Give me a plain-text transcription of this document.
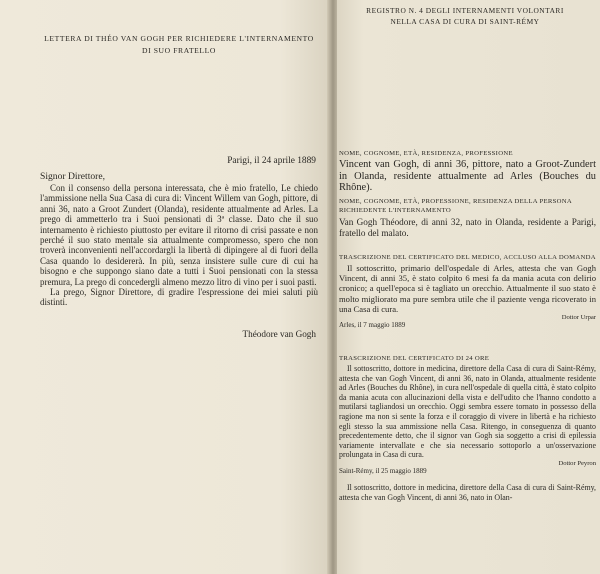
LETTERA DI THÉO VAN GOGH PER RICHIEDERE L'INTERNAMENTO
DI SUO FRATELLO
Parigi, il 24 aprile 1889
Signor Direttore,

Con il consenso della persona interessata, che è mio fratello, Le chiedo l'ammissione nella Sua Casa di cura di: Vincent Willem van Gogh, pittore, di anni 36, nato a Groot Zundert (Olanda), residente attualmente ad Arles. La prego di ammetterlo tra i Suoi pensionati di 3ª classe. Dato che il suo internamento è richiesto piuttosto per evitare il ritorno di crisi passate e non perché il suo stato mentale sia attualmente compromesso, spero che non troverà inconvenienti nell'accordargli la libertà di dipingere al di fuori della Casa quando lo desidererà. In più, senza insistere sulle cure di cui ha bisogno e che suppongo siano date a tutti i Suoi pensionati con la stessa premura, La prego di concedergli almeno mezzo litro di vino per i suoi pasti.

La prego, Signor Direttore, di gradire l'espressione dei miei saluti più distinti.

Théodore van Gogh
REGISTRO N. 4 DEGLI INTERNAMENTI VOLONTARI
NELLA CASA DI CURA DI SAINT-RÉMY
NOME, COGNOME, ETÀ, RESIDENZA, PROFESSIONE
Vincent van Gogh, di anni 36, pittore, nato a Groot-Zundert in Olanda, residente attualmente ad Arles (Bouches du Rhône).
NOME, COGNOME, ETÀ, PROFESSIONE, RESIDENZA DELLA PERSONA RICHIEDENTE L'INTERNAMENTO
Van Gogh Théodore, di anni 32, nato in Olanda, residente a Parigi, fratello del malato.
TRASCRIZIONE DEL CERTIFICATO DEL MEDICO, ACCLUSO ALLA DOMANDA

Il sottoscritto, primario dell'ospedale di Arles, attesta che van Gogh Vincent, di anni 35, è stato colpito 6 mesi fa da mania acuta con delirio cronico; a quell'epoca si è tagliato un orecchio. Attualmente il suo stato è molto migliorato ma pure sembra utile che il paziente venga ricoverato in una Casa di cura.

Dottor Urpar
Arles, il 7 maggio 1889
TRASCRIZIONE DEL CERTIFICATO DI 24 ORE

Il sottoscritto, dottore in medicina, direttore della Casa di cura di Saint-Rémy, attesta che van Gogh Vincent, di anni 36, nato in Olanda, attualmente residente ad Arles (Bouches du Rhône), in cura nell'ospedale di quella città, è stato colpito da mania acuta con allucinazioni della vista e dell'udito che l'hanno condotto a mutilarsi tagliandosi un orecchio. Oggi sembra essere tornato in possesso della ragione ma non si sente la forza e il coraggio di vivere in libertà e ha richiesto egli stesso la sua ammissione nella Casa. Ritengo, in conseguenza di quanto precedentemente detto, che il signor van Gogh sia soggetto a crisi di epilessia variamente intervallate e che sia necessario sottoporlo a un'osservazione prolungata in Casa di cura.

Dottor Peyron
Saint-Rémy, il 25 maggio 1889

Il sottoscritto, dottore in medicina, direttore della Casa di cura di Saint-Rémy, attesta che van Gogh Vincent, di anni 36, nato in Olan-
